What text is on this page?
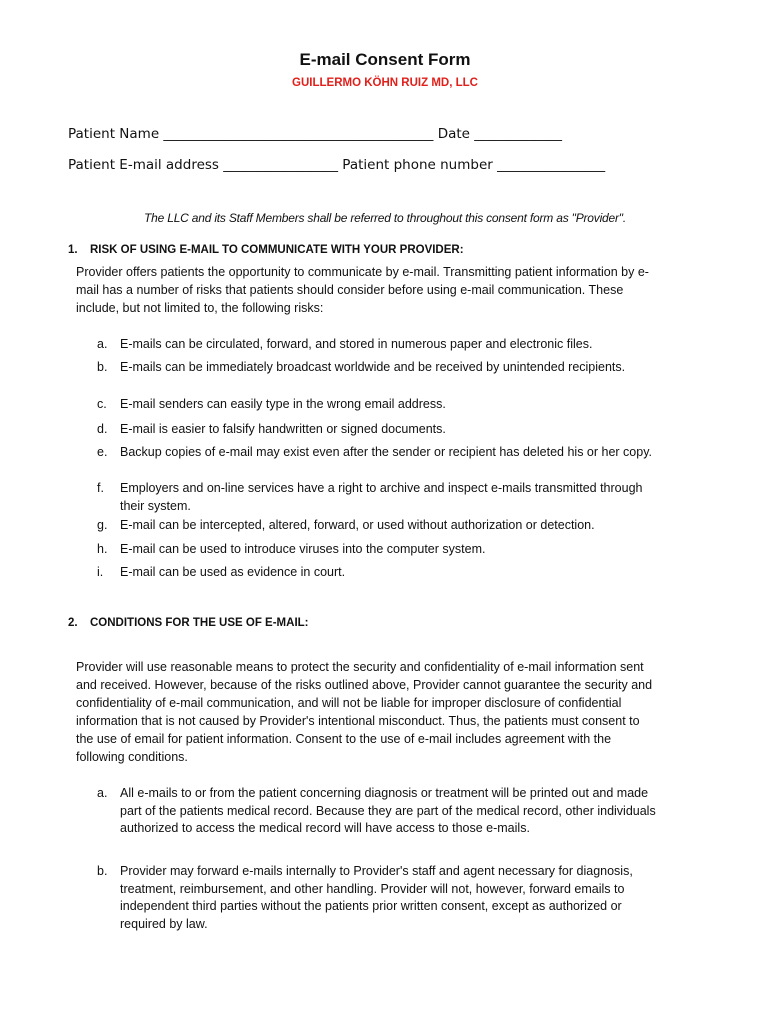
E-mail Consent Form
GUILLERMO KÖHN RUIZ MD, LLC
Patient Name ________________________________________ Date _____________
Patient E-mail address _________________ Patient phone number ________________
The LLC and its Staff Members shall be referred to throughout this consent form as "Provider".
1. RISK OF USING E-MAIL TO COMMUNICATE WITH YOUR PROVIDER:
Provider offers patients the opportunity to communicate by e-mail. Transmitting patient information by e-mail has a number of risks that patients should consider before using e-mail communication. These include, but not limited to, the following risks:
a.	E-mails can be circulated, forward, and stored in numerous paper and electronic files.
b.	E-mails can be immediately broadcast worldwide and be received by unintended recipients.
c.	E-mail senders can easily type in the wrong email address.
d.	E-mail is easier to falsify handwritten or signed documents.
e.	Backup copies of e-mail may exist even after the sender or recipient has deleted his or her copy.
f.	Employers and on-line services have a right to archive and inspect e-mails transmitted through their system.
g.	E-mail can be intercepted, altered, forward, or used without authorization or detection.
h.	E-mail can be used to introduce viruses into the computer system.
i.	E-mail can be used as evidence in court.
2. CONDITIONS FOR THE USE OF E-MAIL:
Provider will use reasonable means to protect the security and confidentiality of e-mail information sent and received. However, because of the risks outlined above, Provider cannot guarantee the security and confidentiality of e-mail communication, and will not be liable for improper disclosure of confidential information that is not caused by Provider's intentional misconduct. Thus, the patients must consent to the use of email for patient information. Consent to the use of e-mail includes agreement with the following conditions.
a.	All e-mails to or from the patient concerning diagnosis or treatment will be printed out and made part of the patients medical record. Because they are part of the medical record, other individuals authorized to access the medical record will have access to those e-mails.
b.	Provider may forward e-mails internally to Provider's staff and agent necessary for diagnosis, treatment, reimbursement, and other handling. Provider will not, however, forward emails to independent third parties without the patients prior written consent, except as authorized or required by law.
